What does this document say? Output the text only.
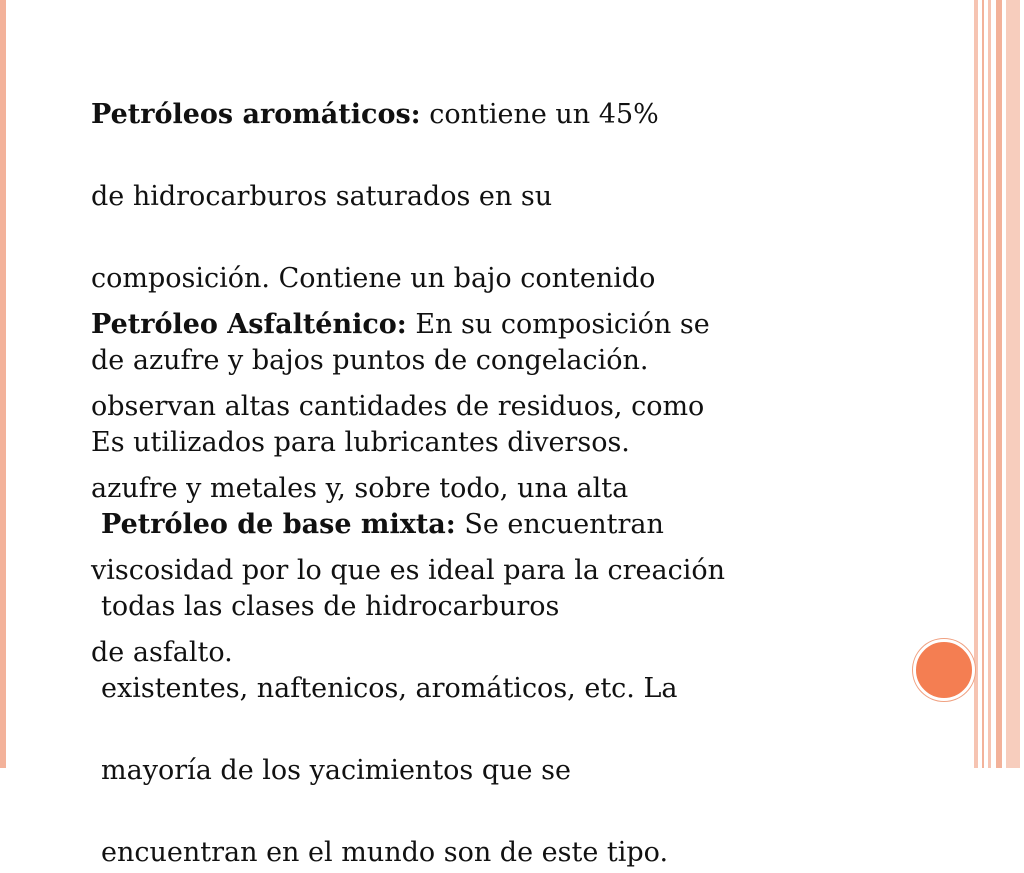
Petróleos aromáticos: contiene un 45%

de hidrocarburos saturados en su

composición. Contiene un bajo contenido

de azufre y bajos puntos de congelación.

Es utilizados para lubricantes diversos.

Petróleo Asfalténico: En su composición se

observan altas cantidades de residuos, como

azufre y metales y, sobre todo, una alta

viscosidad por lo que es ideal para la creación

de asfalto.

Petróleo de base mixta: Se encuentran

todas las clases de hidrocarburos

existentes, naftenicos, aromáticos, etc. La

mayoría de los yacimientos que se

encuentran en el mundo son de este tipo.
